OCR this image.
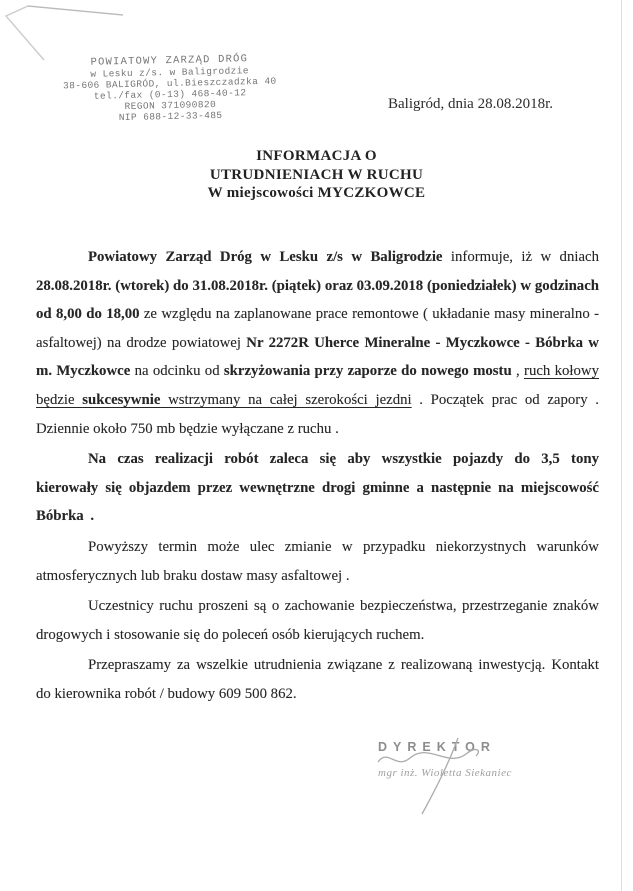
POWIATOWY ZARZĄD DRÓG
w Lesku z/s. w Baligrodzie
38-606 BALIGRÓD, ul.Bieszczadzka 40
tel./fax (0-13) 468-40-12
REGON 371090820
NIP 688-12-33-485
Baligród, dnia 28.08.2018r.
INFORMACJA O
UTRUDNIENIACH W RUCHU
W miejscowości MYCZKOWCE

Powiatowy Zarząd Dróg w Lesku z/s w Baligrodzie informuje, iż w dniach 28.08.2018r. (wtorek) do 31.08.2018r. (piątek) oraz 03.09.2018 (poniedziałek) w godzinach od 8,00 do 18,00 ze względu na zaplanowane prace remontowe ( układanie masy mineralno -asfaltowej) na drodze powiatowej Nr 2272R Uherce Mineralne - Myczkowce - Bóbrka w m. Myczkowce na odcinku od skrzyżowania przy zaporze do nowego mostu , ruch kołowy będzie sukcesywnie wstrzymany na całej szerokości jezdni . Początek prac od zapory . Dziennie około 750 mb będzie wyłączane z ruchu .

Na czas realizacji robót zaleca się aby wszystkie pojazdy do 3,5 tony kierowały się objazdem przez wewnętrzne drogi gminne a następnie na miejscowość Bóbrka .

Powyższy termin może ulec zmianie w przypadku niekorzystnych warunków atmosferycznych lub braku dostaw masy asfaltowej .

Uczestnicy ruchu proszeni są o zachowanie bezpieczeństwa, przestrzeganie znaków drogowych i stosowanie się do poleceń osób kierujących ruchem.

Przepraszamy za wszelkie utrudnienia związane z realizowaną inwestycją. Kontakt do kierownika robót / budowy 609 500 862.

DYREKTOR
mgr inż. Wioletta Siekaniec
